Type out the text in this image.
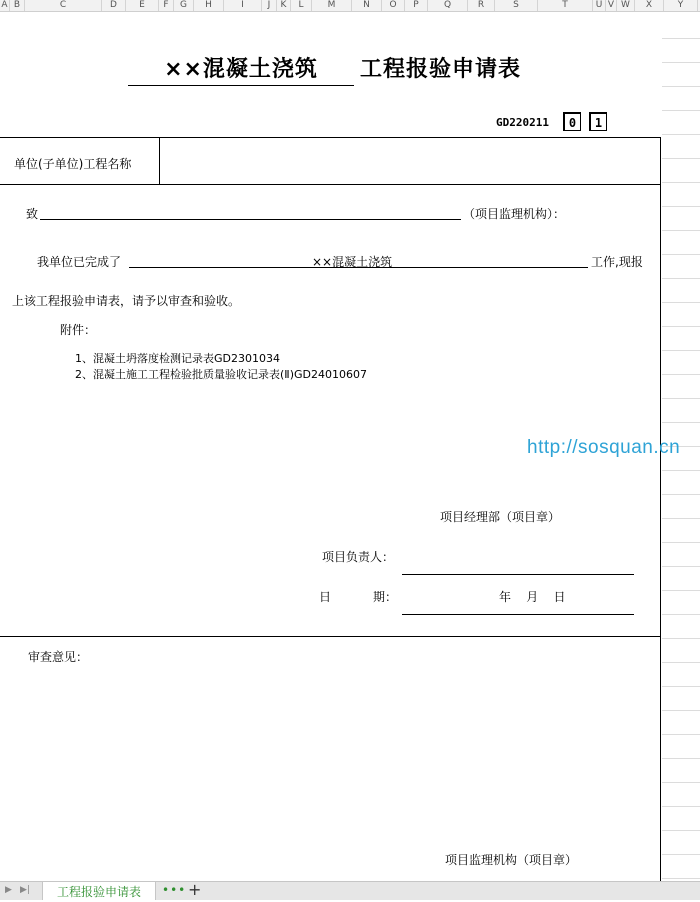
A B	C	D	E	F	G	H	I	J	K	L	M	N	O	P	Q	R	S	T	U V W	X	Y
××混凝土浇筑	工程报验申请表
GD220211	0	1
单位(子单位)工程名称
致	（项目监理机构）：
我单位已完成了	××混凝土浇筑	工作,现报
上该工程报验申请表，请予以审查和验收。
附件：
1、混凝土坍落度检测记录表GD2301034
2、混凝土施工工程检验批质量验收记录表(Ⅱ)GD24010607
http://sosquan.cn
项目经理部（项目章）
项目负责人：
日	期：	年    月    日
审查意见：
项目监理机构（项目章）
▶ ▶|	工程报验申请表	••• +
